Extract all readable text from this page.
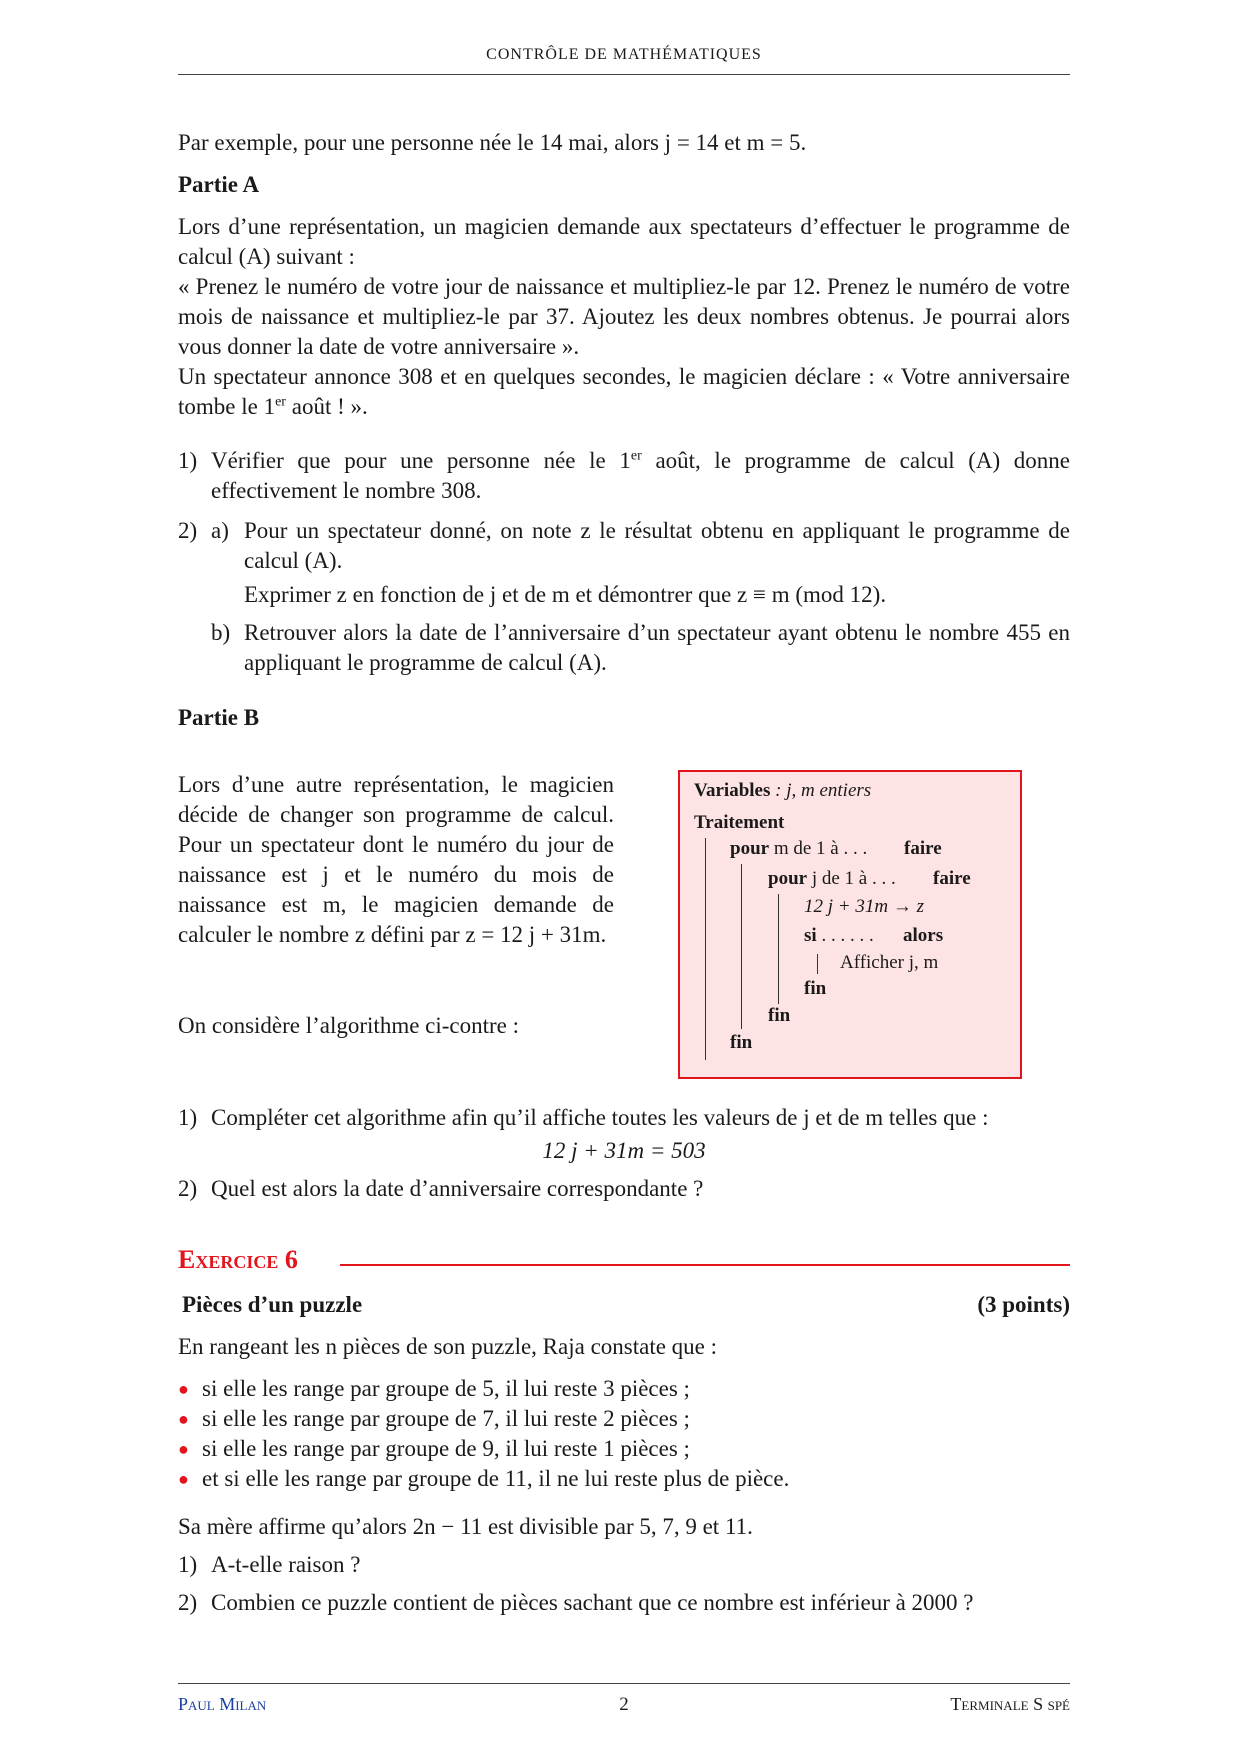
CONTRÔLE DE MATHÉMATIQUES
Par exemple, pour une personne née le 14 mai, alors j = 14 et m = 5.
Partie A
Lors d’une représentation, un magicien demande aux spectateurs d’effectuer le programme de calcul (A) suivant :
« Prenez le numéro de votre jour de naissance et multipliez-le par 12. Prenez le numéro de votre mois de naissance et multipliez-le par 37. Ajoutez les deux nombres obtenus. Je pourrai alors vous donner la date de votre anniversaire ».
Un spectateur annonce 308 et en quelques secondes, le magicien déclare : « Votre anniversaire tombe le 1er août ! ».
1) Vérifier que pour une personne née le 1er août, le programme de calcul (A) donne effectivement le nombre 308.
2) a) Pour un spectateur donné, on note z le résultat obtenu en appliquant le programme de calcul (A).
Exprimer z en fonction de j et de m et démontrer que z ≡ m (mod 12).
b) Retrouver alors la date de l’anniversaire d’un spectateur ayant obtenu le nombre 455 en appliquant le programme de calcul (A).
Partie B
Lors d’une autre représentation, le magicien décide de changer son programme de calcul. Pour un spectateur dont le numéro du jour de naissance est j et le numéro du mois de naissance est m, le magicien demande de calculer le nombre z défini par z = 12 j + 31m.
On considère l’algorithme ci-contre :
Variables : j, m entiers
Traitement
pour m de 1 à . . . faire
pour j de 1 à . . . faire
12 j + 31m → z
si . . . . . . alors
Afficher j, m
fin
fin
fin
1) Compléter cet algorithme afin qu’il affiche toutes les valeurs de j et de m telles que :
12 j + 31m = 503
2) Quel est alors la date d’anniversaire correspondante ?
Exercice 6
Pièces d’un puzzle	(3 points)
En rangeant les n pièces de son puzzle, Raja constate que :
● si elle les range par groupe de 5, il lui reste 3 pièces ;
● si elle les range par groupe de 7, il lui reste 2 pièces ;
● si elle les range par groupe de 9, il lui reste 1 pièces ;
● et si elle les range par groupe de 11, il ne lui reste plus de pièce.
Sa mère affirme qu’alors 2n − 11 est divisible par 5, 7, 9 et 11.
1) A-t-elle raison ?
2) Combien ce puzzle contient de pièces sachant que ce nombre est inférieur à 2000 ?
Paul Milan	2	Terminale S spé
